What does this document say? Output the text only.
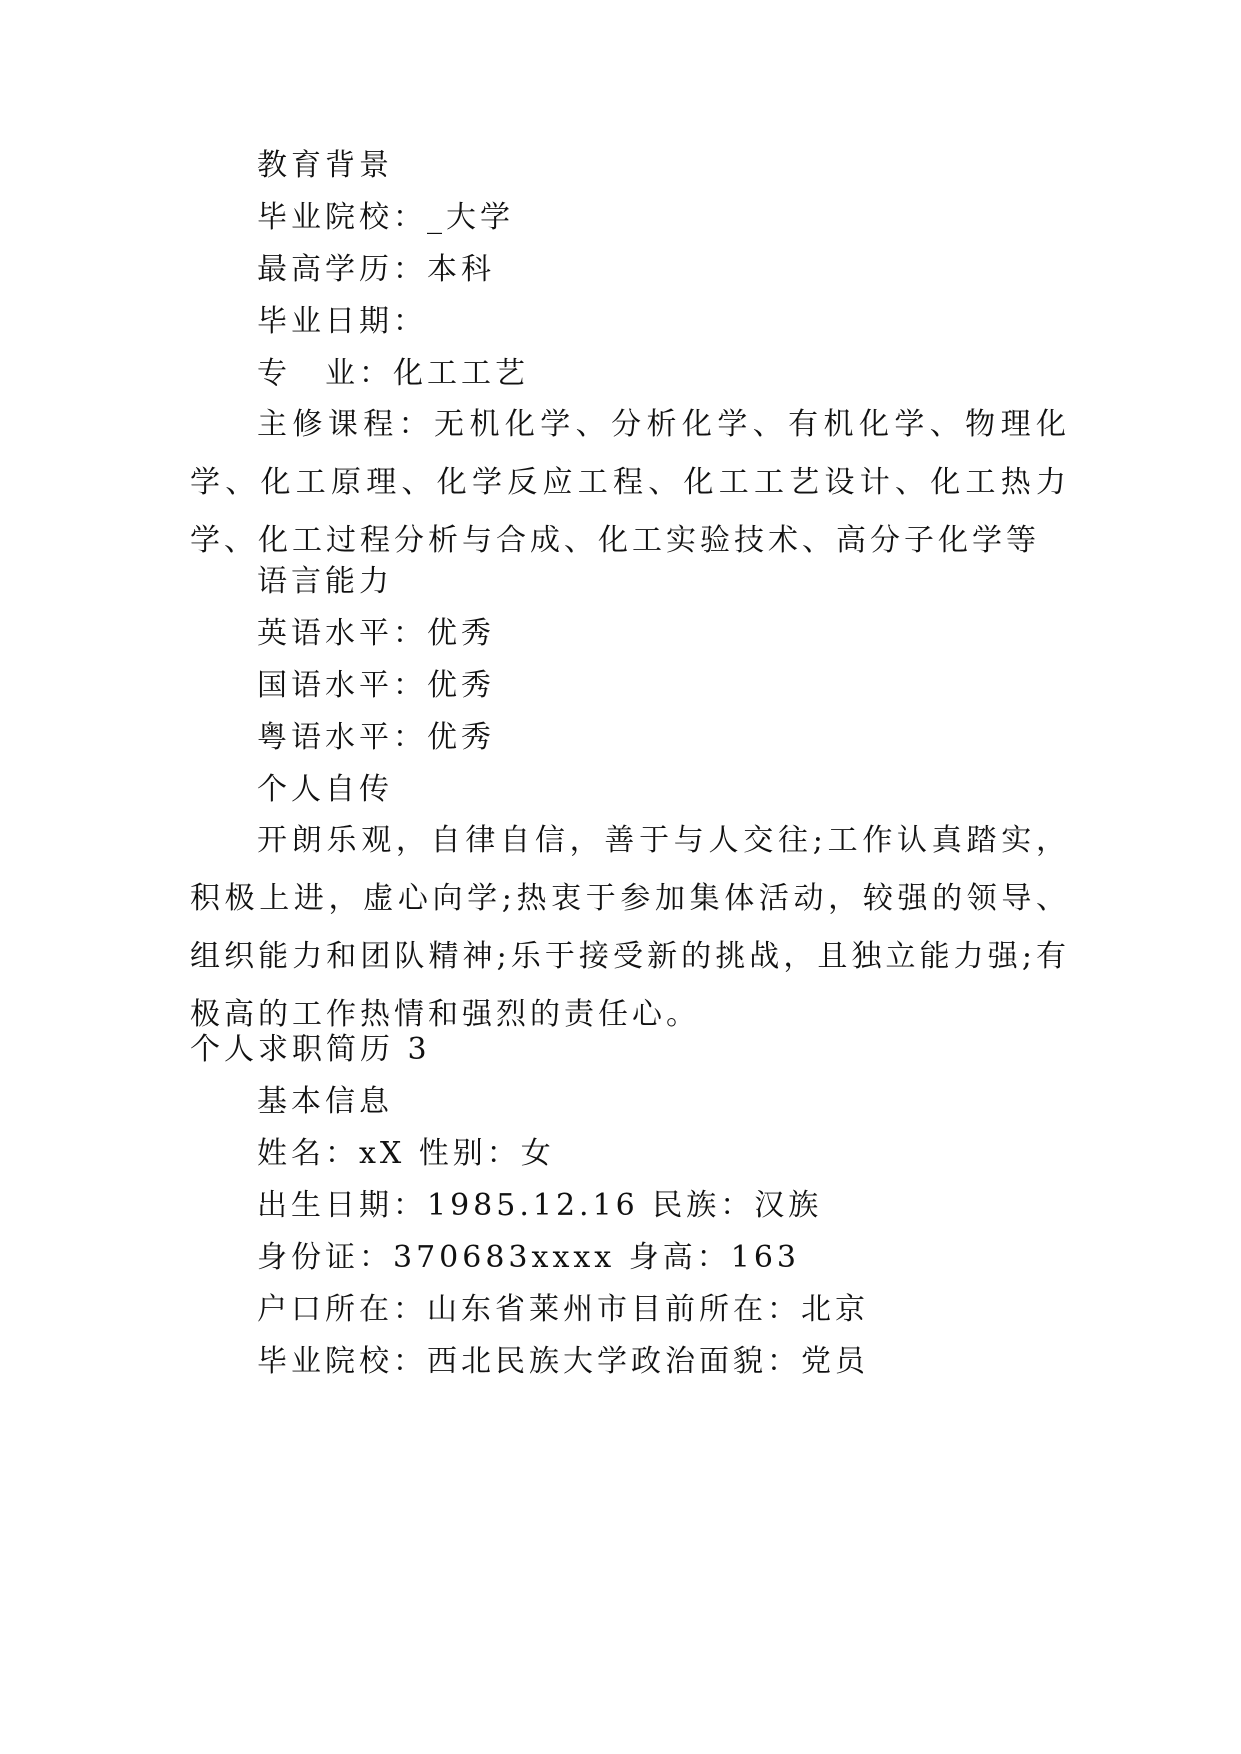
教育背景
毕业院校：_大学
最高学历：本科
毕业日期：
专　业：化工工艺
主修课程：无机化学、分析化学、有机化学、物理化学、化工原理、化学反应工程、化工工艺设计、化工热力学、化工过程分析与合成、化工实验技术、高分子化学等
语言能力
英语水平：优秀
国语水平：优秀
粤语水平：优秀
个人自传
开朗乐观，自律自信，善于与人交往;工作认真踏实，积极上进，虚心向学;热衷于参加集体活动，较强的领导、组织能力和团队精神;乐于接受新的挑战，且独立能力强;有极高的工作热情和强烈的责任心。
个人求职简历 3
基本信息
姓名：xX 性别：女
出生日期：1985.12.16 民族：汉族
身份证：370683xxxx 身高：163
户口所在：山东省莱州市目前所在：北京
毕业院校：西北民族大学政治面貌：党员
